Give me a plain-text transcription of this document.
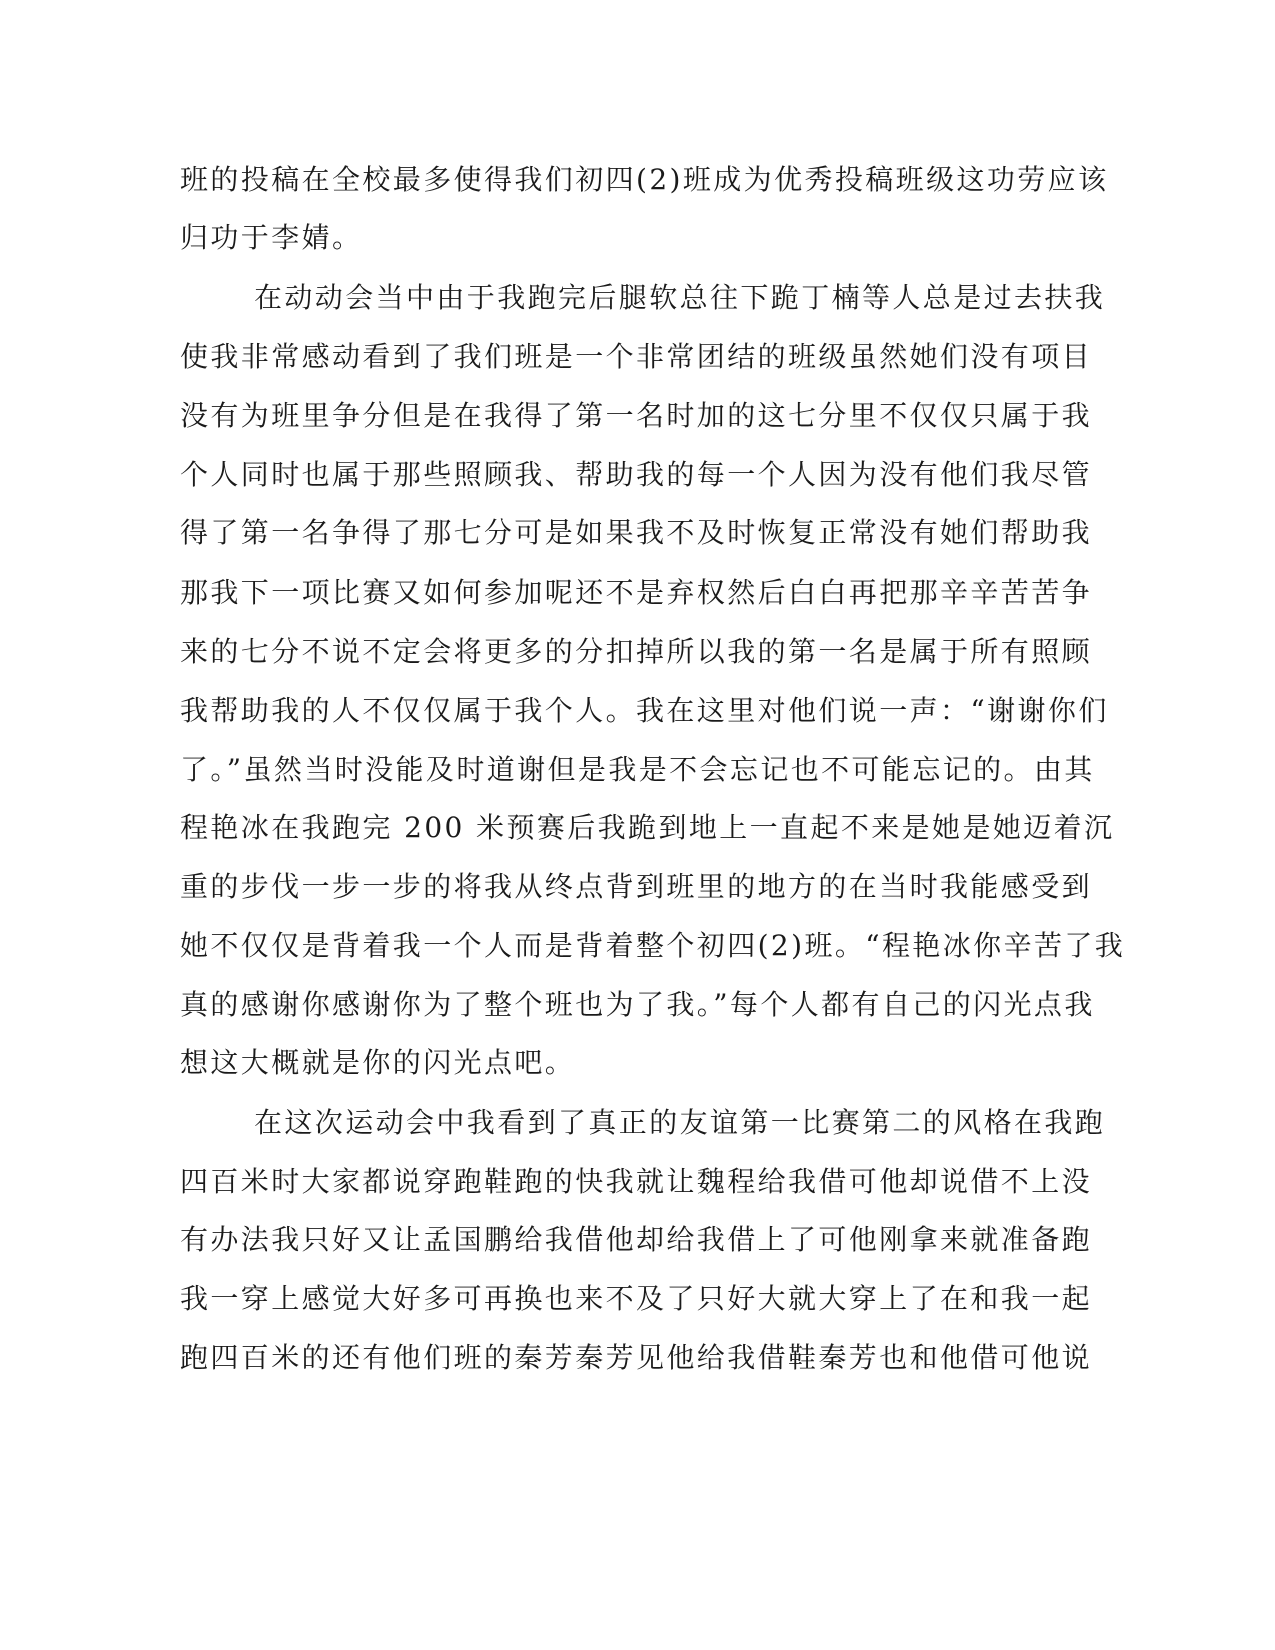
班的投稿在全校最多使得我们初四(2)班成为优秀投稿班级这功劳应该
归功于李婧。
在动动会当中由于我跑完后腿软总往下跪丁楠等人总是过去扶我
使我非常感动看到了我们班是一个非常团结的班级虽然她们没有项目
没有为班里争分但是在我得了第一名时加的这七分里不仅仅只属于我
个人同时也属于那些照顾我、帮助我的每一个人因为没有他们我尽管
得了第一名争得了那七分可是如果我不及时恢复正常没有她们帮助我
那我下一项比赛又如何参加呢还不是弃权然后白白再把那辛辛苦苦争
来的七分不说不定会将更多的分扣掉所以我的第一名是属于所有照顾
我帮助我的人不仅仅属于我个人。我在这里对他们说一声：“谢谢你们
了。”虽然当时没能及时道谢但是我是不会忘记也不可能忘记的。由其
程艳冰在我跑完 200 米预赛后我跪到地上一直起不来是她是她迈着沉
重的步伐一步一步的将我从终点背到班里的地方的在当时我能感受到
她不仅仅是背着我一个人而是背着整个初四(2)班。“程艳冰你辛苦了我
真的感谢你感谢你为了整个班也为了我。”每个人都有自己的闪光点我
想这大概就是你的闪光点吧。
在这次运动会中我看到了真正的友谊第一比赛第二的风格在我跑
四百米时大家都说穿跑鞋跑的快我就让魏程给我借可他却说借不上没
有办法我只好又让孟国鹏给我借他却给我借上了可他刚拿来就准备跑
我一穿上感觉大好多可再换也来不及了只好大就大穿上了在和我一起
跑四百米的还有他们班的秦芳秦芳见他给我借鞋秦芳也和他借可他说
